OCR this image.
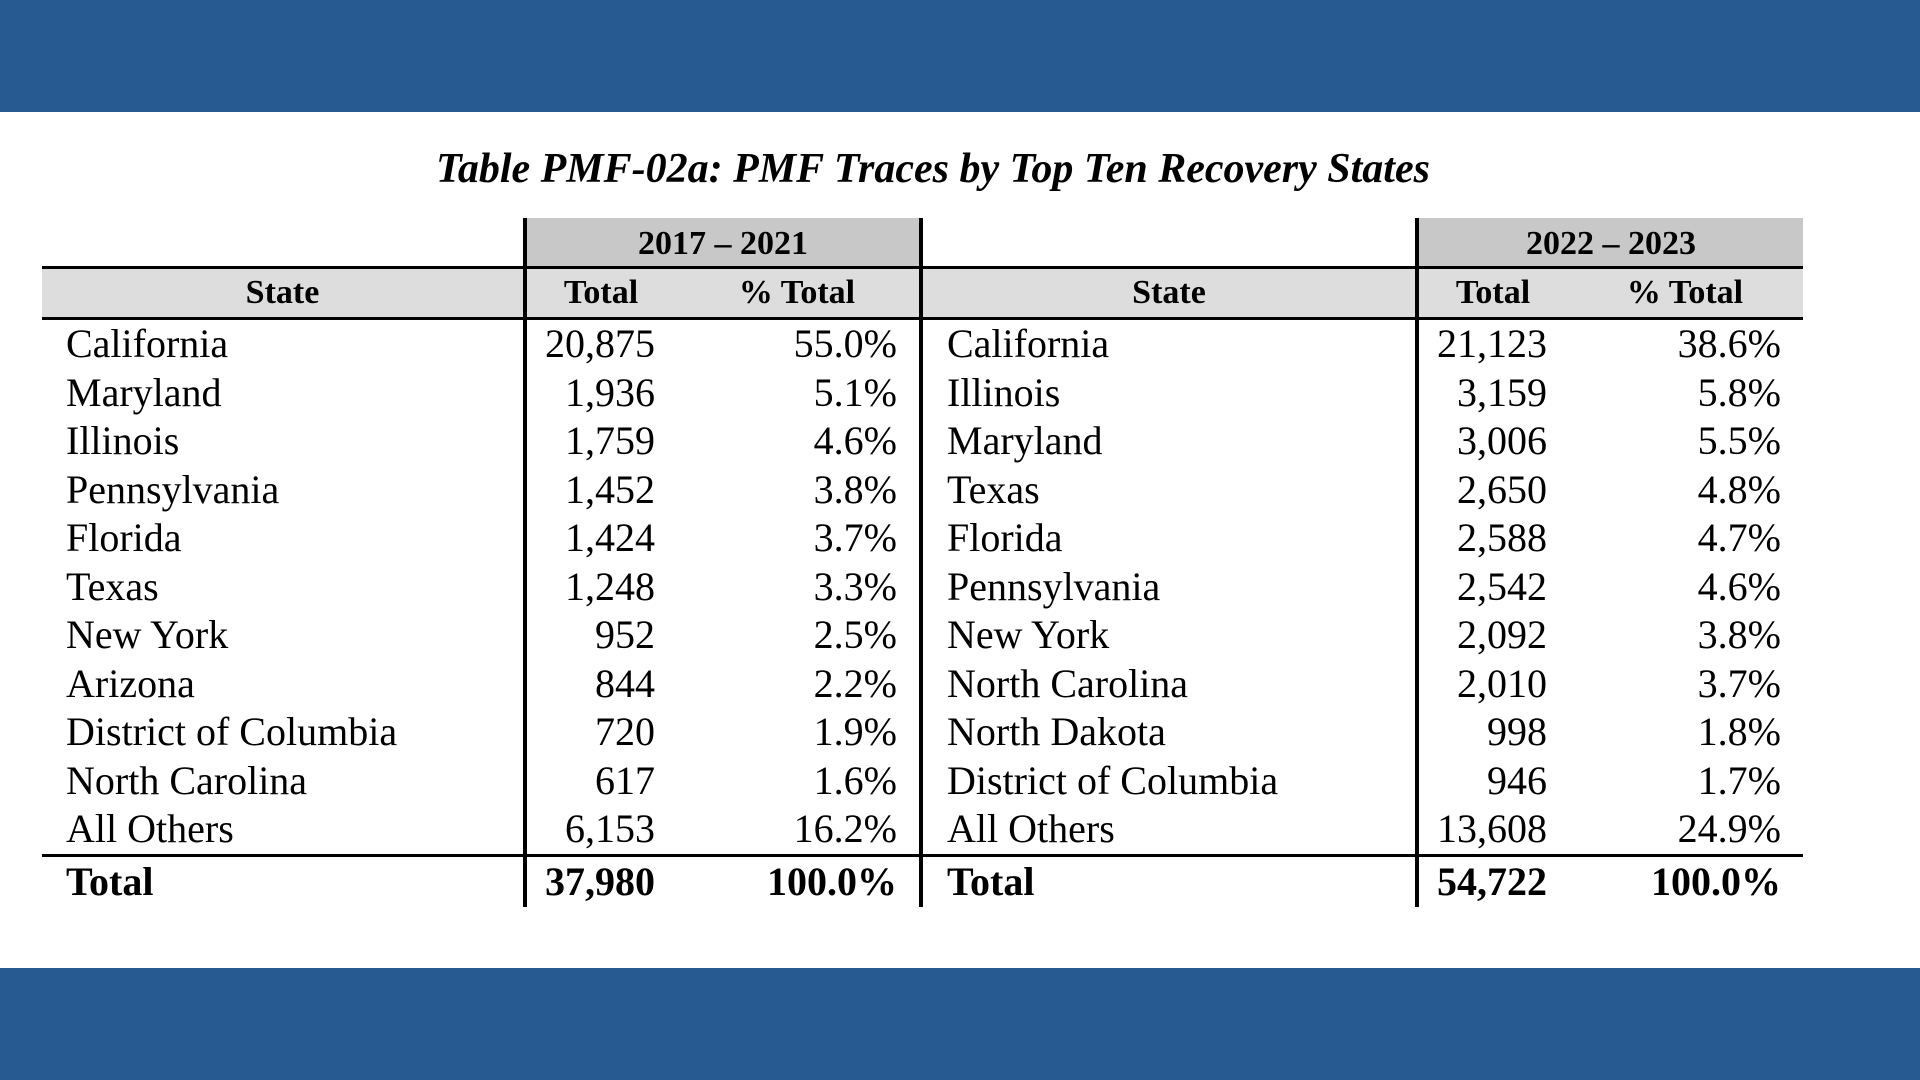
Table PMF-02a: PMF Traces by Top Ten Recovery States
	2017 – 2021			2022 – 2023	
State	Total	% Total	State	Total	% Total
California	20,875	55.0%	California	21,123	38.6%
Maryland	1,936	5.1%	Illinois	3,159	5.8%
Illinois	1,759	4.6%	Maryland	3,006	5.5%
Pennsylvania	1,452	3.8%	Texas	2,650	4.8%
Florida	1,424	3.7%	Florida	2,588	4.7%
Texas	1,248	3.3%	Pennsylvania	2,542	4.6%
New York	952	2.5%	New York	2,092	3.8%
Arizona	844	2.2%	North Carolina	2,010	3.7%
District of Columbia	720	1.9%	North Dakota	998	1.8%
North Carolina	617	1.6%	District of Columbia	946	1.7%
All Others	6,153	16.2%	All Others	13,608	24.9%
Total	37,980	100.0%	Total	54,722	100.0%
